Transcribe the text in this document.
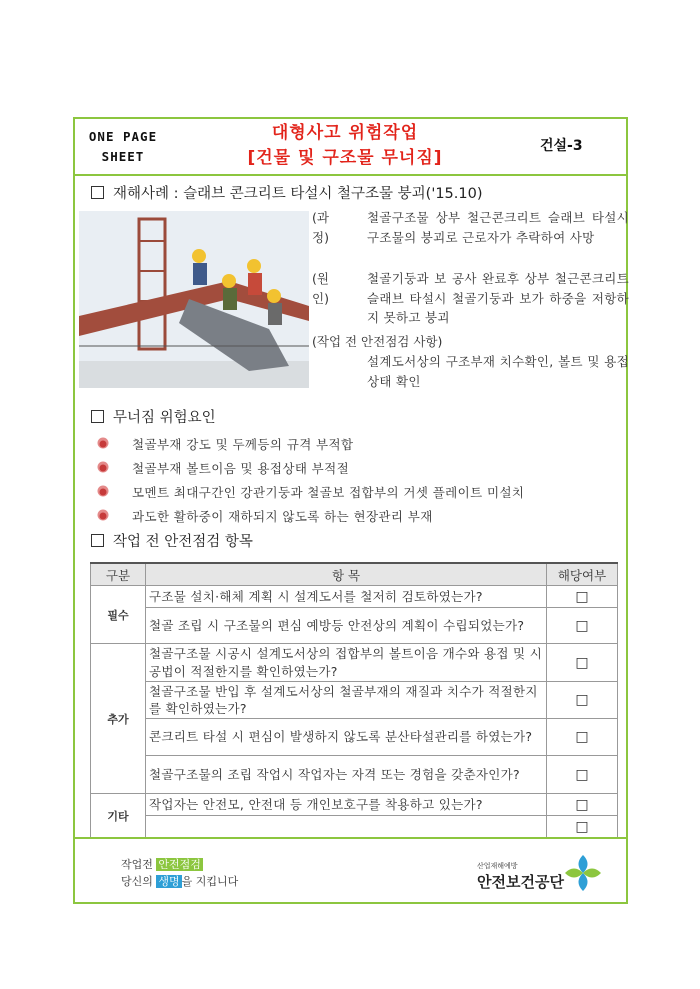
ONE PAGE
SHEET
대형사고 위험작업
[건물 및 구조물 무너짐]
건설-3
재해사례 : 슬래브 콘크리트 타설시 철구조물 붕괴('15.10)
(과정)
철골구조물 상부 철근콘크리트 슬래브 타설시 구조물의 붕괴로 근로자가 추락하여 사망
(원인)
철골기둥과 보 공사 완료후 상부 철근콘크리트 슬래브 타설시 철골기둥과 보가 하중을 저항하지 못하고 붕괴
(작업 전 안전점검 사항)
설계도서상의 구조부재 치수확인, 볼트 및 용접 상태 확인
무너짐 위험요인
철골부재 강도 및 두께등의 규격 부적합
철골부재 볼트이음 및 용접상태 부적절
모멘트 최대구간인 강관기둥과 철골보 접합부의 거셋 플레이트 미설치
과도한 활하중이 재하되지 않도록 하는 현장관리 부재
작업 전 안전점검 항목
구분	항 목	해당여부
필수	구조물 설치·해체 계획 시 설계도서를 철저히 검토하였는가?	□
	철골 조립 시 구조물의 편심 예방등 안전상의 계획이 수립되었는가?	□
추가	철골구조물 시공시 설계도서상의 접합부의 볼트이음 개수와 용접 및 시공법이 적절한지를 확인하였는가?	□
	철골구조물 반입 후 설계도서상의 철골부재의 재질과 치수가 적절한지를 확인하였는가?	□
	콘크리트 타설 시 편심이 발생하지 않도록 분산타설관리를 하였는가?	□
	철골구조물의 조립 작업시 작업자는 자격 또는 경험을 갖춘자인가?	□
기타	작업자는 안전모, 안전대 등 개인보호구를 착용하고 있는가?	□
		□
작업전 안전점검
당신의 생명 을 지킵니다
산업재해예방
안전보건공단
